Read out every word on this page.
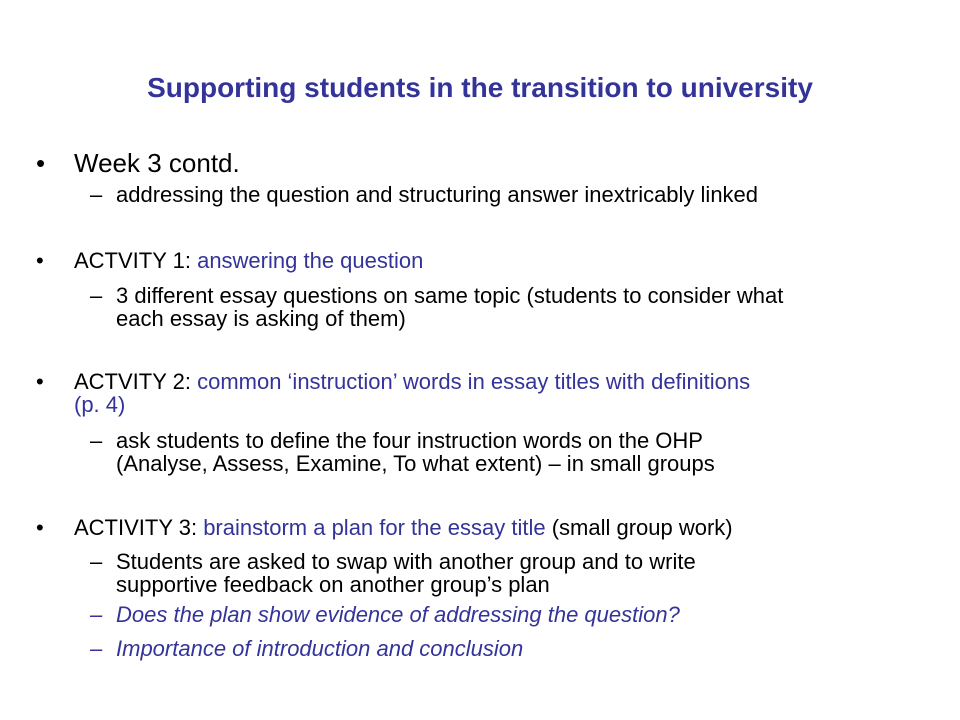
Supporting students in the transition to university
• Week 3 contd.
– addressing the question and structuring answer inextricably linked
• ACTVITY 1: answering the question
– 3 different essay questions on same topic (students to consider what
each essay is asking of them)
• ACTVITY 2: common ‘instruction’ words in essay titles with definitions
(p. 4)
– ask students to define the four instruction words on the OHP
(Analyse, Assess, Examine, To what extent) – in small groups
• ACTIVITY 3: brainstorm a plan for the essay title (small group work)
– Students are asked to swap with another group and to write
supportive feedback on another group’s plan
– Does the plan show evidence of addressing the question?
– Importance of introduction and conclusion
